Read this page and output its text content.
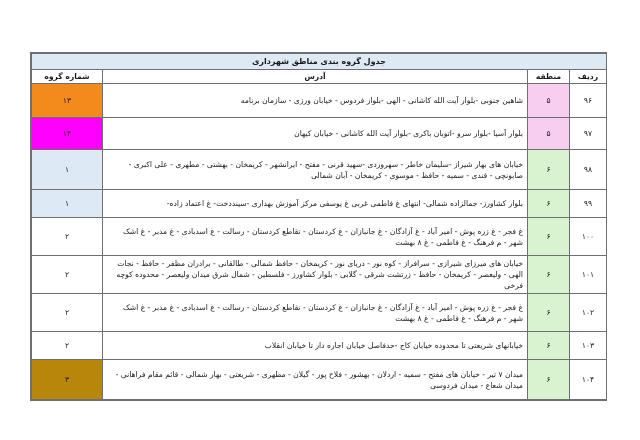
جدول گروه بندی مناطق شهرداری			
ردیف	منطقه	آدرس	شماره گروه
۹۶	۵	شاهین جنوبی -بلوار آیت الله کاشانی - الهی -بلوار فردوس - خیابان ورزی - سازمان برنامه	۱۳
۹۷	۵	بلوار آسیا -بلوار سرو -اتوبان باکری -بلوار آیت الله کاشانی - خیابان کیهان	۱۴
۹۸	۶	خیابان های بهار شیراز -سلیمان خاطر - سهروردی -سهید قرنی - مفتح - ایرانشهر - کریمخان - بهشتی - مطهری - علی اکبری - صابونچی - قندی - سمیه - حافظ - موسوی - کریمخان - آبان شمالی	۱
۹۹	۶	بلوار کشاورز- جمالزاده شمالی- انتهای غ فاطمی غربی غ یوسفی مرکز آموزش بهداری -سینددخت- غ اعتماد زاده-	۱
۱۰۰	۶	غ فجر - غ زره پوش - امیر آباد - غ آزادگان - غ جانبازان - غ کردستان - تقاطع کردستان - رسالت - غ اسدبادی - غ مدبر - غ اشک شهر - م فرهنگ - غ فاطمی - غ ۸ بهشت	۲
۱۰۱	۶	خیابان های میرزای شیرازی - سرافراز - کوه نور - دریای نور - کریمخان - حافظ شمالی - طالقانی - برادران مظفر - حافظ - نجات الهی - ولیعصر - کریمخان - حافظ - زرتشت شرقی - گلابی - بلوار کشاورز - فلسطین - شمال شرق میدان ولیعصر - محدوده کوچه فرخی	۲
۱۰۲	۶	غ فجر - غ زره پوش - امیر آباد - غ آزادگان - غ جانبازان - غ کردستان - تقاطع کردستان - رسالت - غ اسدبادی - غ مدبر - غ اشک شهر - م فرهنگ - غ فاطمی - غ ۸ بهشت	۲
۱۰۳	۶	خیابانهای شریعتی تا محدوده خیابان کاج -حدفاصل خیابان اجاره دار تا خیابان انقلاب	۲
۱۰۴	۶	میدان ۷ تیر - خیابان های مفتح - سمیه - اردلان - بهشور - فلاح پور - گیلان - مطهری - شریعتی - بهار شمالی - قائم مقام فراهانی - میدان شعاع - میدان فردوسی	۳
